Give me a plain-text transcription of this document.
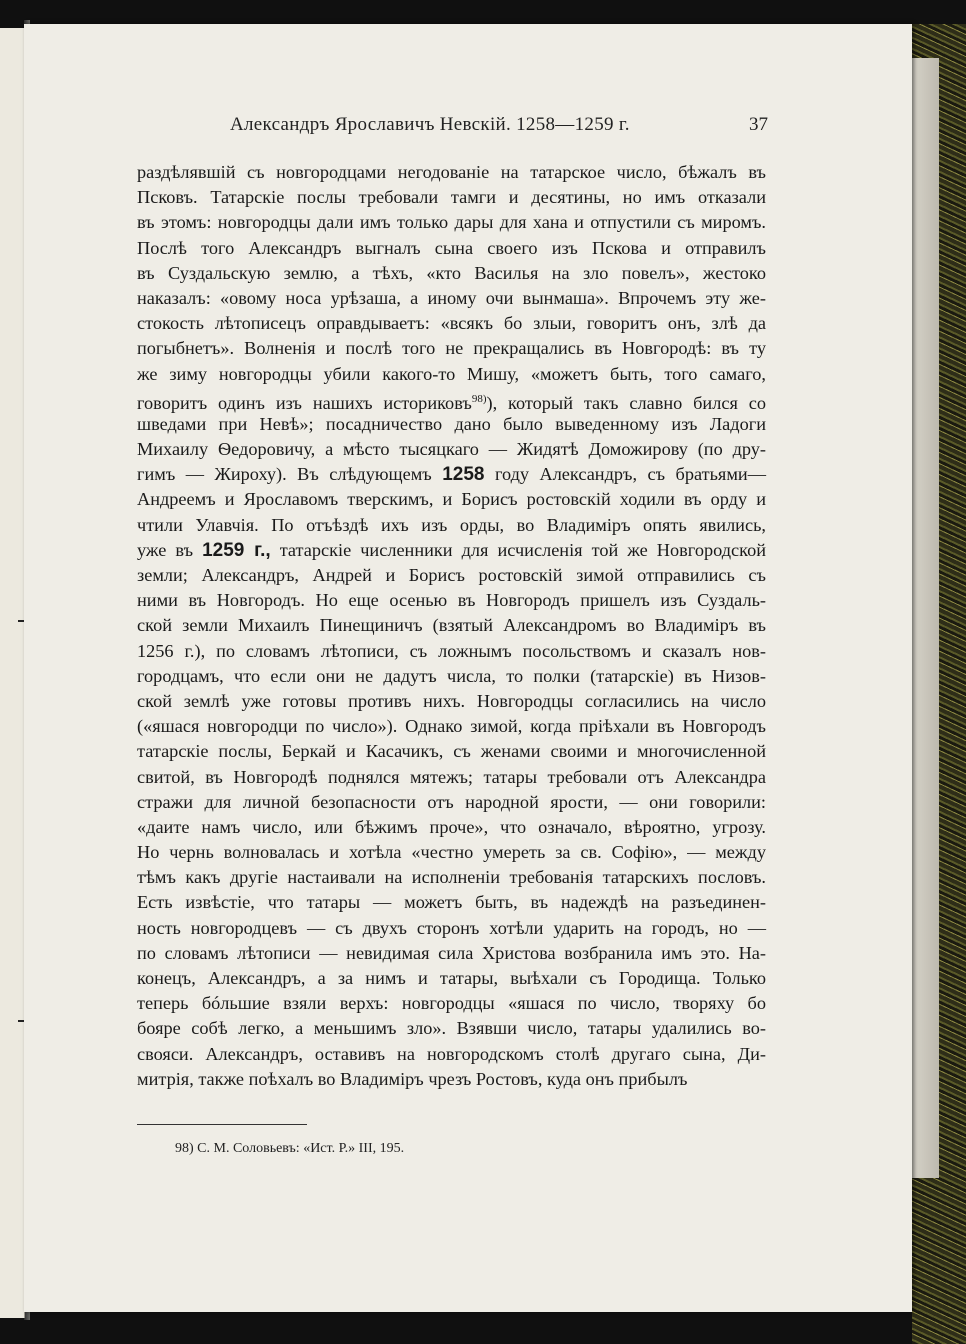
Александръ Ярославичъ Невскій. 1258—1259 г.	37
раздѣлявшій съ новгородцами негодованіе на татарское число, бѣжалъ въ
Псковъ. Татарскіе послы требовали тамги и десятины, но имъ отказали
въ этомъ: новгородцы дали имъ только дары для хана и отпустили съ миромъ.
Послѣ того Александръ выгналъ сына своего изъ Пскова и отправилъ
въ Суздальскую землю, а тѣхъ, «кто Василья на зло повелъ», жестоко
наказалъ: «овому носа урѣзаша, а иному очи вынмаша». Впрочемъ эту же-
стокость лѣтописецъ оправдываетъ: «всякъ бо злыи, говоритъ онъ, злѣ да
погыбнетъ». Волненія и послѣ того не прекращались въ Новгородѣ: въ ту
же зиму новгородцы убили какого-то Мишу, «можетъ быть, того самаго,
говоритъ одинъ изъ нашихъ историковъ$^{98)}$), который такъ славно бился со
шведами при Невѣ»; посадничество дано было выведенному изъ Ладоги
Михаилу Ѳедоровичу, а мѣсто тысяцкаго — Жидятѣ Доможирову (по дру-
гимъ — Жироху). Въ слѣдующемъ 1258 году Александръ, съ братьями—
Андреемъ и Ярославомъ тверскимъ, и Борисъ ростовскій ходили въ орду и
чтили Улавчія. По отъѣздѣ ихъ изъ орды, во Владиміръ опять явились,
уже въ 1259 г., татарскіе численники для исчисленія той же Новгородской
земли; Александръ, Андрей и Борисъ ростовскій зимой отправились съ
ними въ Новгородъ. Но еще осенью въ Новгородъ пришелъ изъ Суздаль-
ской земли Михаилъ Пинещиничъ (взятый Александромъ во Владиміръ въ
1256 г.), по словамъ лѣтописи, съ ложнымъ посольствомъ и сказалъ нов-
городцамъ, что если они не дадутъ числа, то полки (татарскіе) въ Низов-
ской землѣ уже готовы противъ нихъ. Новгородцы согласились на число
(«яшася новгородци по число»). Однако зимой, когда пріѣхали въ Новгородъ
татарскіе послы, Беркай и Касачикъ, съ женами своими и многочисленной
свитой, въ Новгородѣ поднялся мятежъ; татары требовали отъ Александра
стражи для личной безопасности отъ народной ярости, — они говорили:
«даите намъ число, или бѣжимъ проче», что означало, вѣроятно, угрозу.
Но чернь волновалась и хотѣла «честно умереть за св. Софію», — между
тѣмъ какъ другіе настаивали на исполненіи требованія татарскихъ пословъ.
Есть извѣстіе, что татары — можетъ быть, въ надеждѣ на разъединен-
ность новгородцевъ — съ двухъ сторонъ хотѣли ударить на городъ, но —
по словамъ лѣтописи — невидимая сила Христова возбранила имъ это. На-
конецъ, Александръ, а за нимъ и татары, выѣхали съ Городища. Только
теперь бóльшие взяли верхъ: новгородцы «яшася по число, творяху бо
бояре собѣ легко, а меньшимъ зло». Взявши число, татары удалились во-
свояси. Александръ, оставивъ на новгородскомъ столѣ другаго сына, Ди-
митрія, также поѣхалъ во Владиміръ чрезъ Ростовъ, куда онъ прибылъ
98) С. М. Соловьевъ: «Ист. Р.» III, 195.
